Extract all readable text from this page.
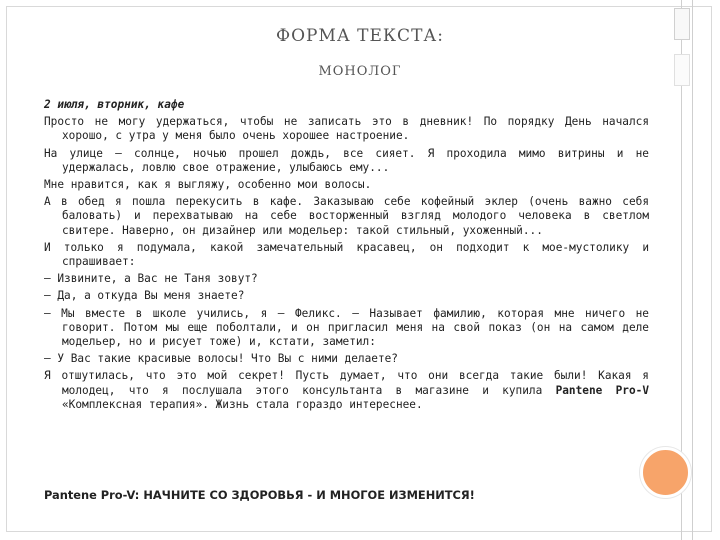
ФОРМА ТЕКСТА:
МОНОЛОГ
2 июля, вторник, кафе
Просто не могу удержаться, чтобы не записать это в дневник! По порядку День начался хорошо, с утра у меня было очень хорошее настроение.
На улице — солнце, ночью прошел дождь, все сияет. Я проходила мимо витрины и не удержалась, ловлю свое отражение, улыбаюсь ему...
Мне нравится, как я выгляжу, особенно мои волосы.
А в обед я пошла перекусить в кафе. Заказываю себе кофейный эклер (очень важно себя баловать) и перехватываю на себе восторженный взгляд молодого человека в светлом свитере. Наверно, он дизайнер или модельер: такой стильный, ухоженный...
И только я подумала, какой замечательный красавец, он подходит к мое-мустолику и спрашивает:
— Извините, а Вас не Таня зовут?
— Да, а откуда Вы меня знаете?
— Мы вместе в школе учились, я — Феликс. — Называет фамилию, которая мне ничего не говорит. Потом мы еще поболтали, и он пригласил меня на свой показ (он на самом деле модельер, но и рисует тоже) и, кстати, заметил:
— У Вас такие красивые волосы! Что Вы с ними делаете?
Я отшутилась, что это мой секрет! Пусть думает, что они всегда такие были! Какая я молодец, что я послушала этого консультанта в магазине и купила Pantene Pro-V «Комплексная терапия». Жизнь стала гораздо интереснее.
Pantene Pro-V: НАЧНИТЕ СО ЗДОРОВЬЯ - И МНОГОЕ ИЗМЕНИТСЯ!
